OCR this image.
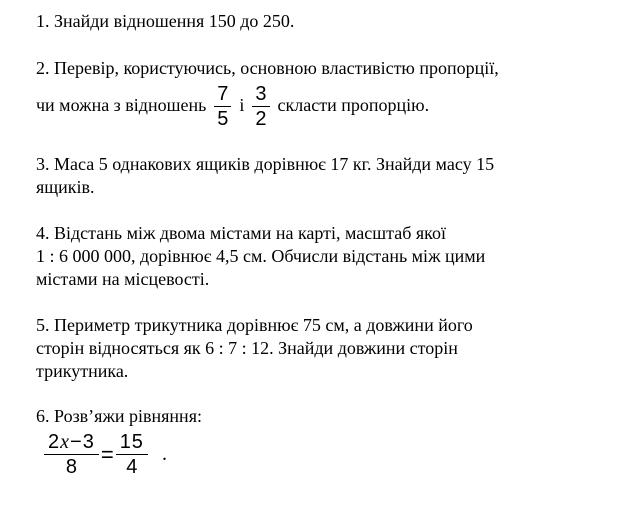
1. Знайди відношення 150 до 250.

2. Перевір, користуючись, основною властивістю пропорції,

чи можна з відношень $\frac{7}{5}$ і $\frac{3}{2}$ скласти пропорцію.

3. Маса 5 однакових ящиків дорівнює 17 кг. Знайди масу 15

ящиків.

4. Відстань між двома містами на карті, масштаб якої

1 : 6 000 000, дорівнює 4,5 см. Обчисли відстань між цими

містами на місцевості.

5. Периметр трикутника дорівнює 75 см, а довжини його

сторін відносяться як 6 : 7 : 12. Знайди довжини сторін

трикутника.

6. Розв’яжи рівняння:

$\frac{2x-3}{8} = \frac{15}{4}$ .
